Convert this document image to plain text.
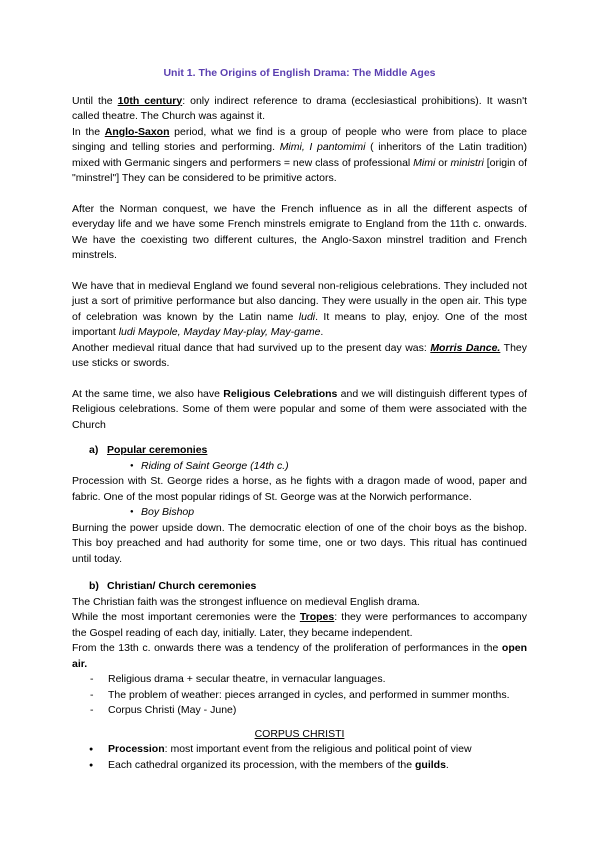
Unit 1. The Origins of English Drama: The Middle Ages

Until the 10th century: only indirect reference to drama (ecclesiastical prohibitions). It wasn't called theatre. The Church was against it.

In the Anglo-Saxon period, what we find is a group of people who were from place to place singing and telling stories and performing. Mimi, I pantomimi ( inheritors of the Latin tradition) mixed with Germanic singers and performers = new class of professional Mimi or ministri [origin of "minstrel"] They can be considered to be primitive actors.

After the Norman conquest, we have the French influence as in all the different aspects of everyday life and we have some French minstrels emigrate to England from the 11th c. onwards. We have the coexisting two different cultures, the Anglo-Saxon minstrel tradition and French minstrels.

We have that in medieval England we found several non-religious celebrations. They included not just a sort of primitive performance but also dancing. They were usually in the open air. This type of celebration was known by the Latin name ludi. It means to play, enjoy. One of the most important ludi Maypole, Mayday May-play, May-game.

Another medieval ritual dance that had survived up to the present day was: Morris Dance. They use sticks or swords.

At the same time, we also have Religious Celebrations and we will distinguish different types of Religious celebrations. Some of them were popular and some of them were associated with the Church

a) Popular ceremonies
● Riding of Saint George (14th c.)

Procession with St. George rides a horse, as he fights with a dragon made of wood, paper and fabric. One of the most popular ridings of St. George was at the Norwich performance.

● Boy Bishop

Burning the power upside down. The democratic election of one of the choir boys as the bishop. This boy preached and had authority for some time, one or two days. This ritual has continued until today.

b) Christian/ Church ceremonies

The Christian faith was the strongest influence on medieval English drama.

While the most important ceremonies were the Tropes: they were performances to accompany the Gospel reading of each day, initially. Later, they became independent.

From the 13th c. onwards there was a tendency of the proliferation of performances in the open air.

- Religious drama + secular theatre, in vernacular languages.
- The problem of weather: pieces arranged in cycles, and performed in summer months.
- Corpus Christi (May - June)
CORPUS CHRISTI
● Procession: most important event from the religious and political point of view
● Each cathedral organized its procession, with the members of the guilds.
